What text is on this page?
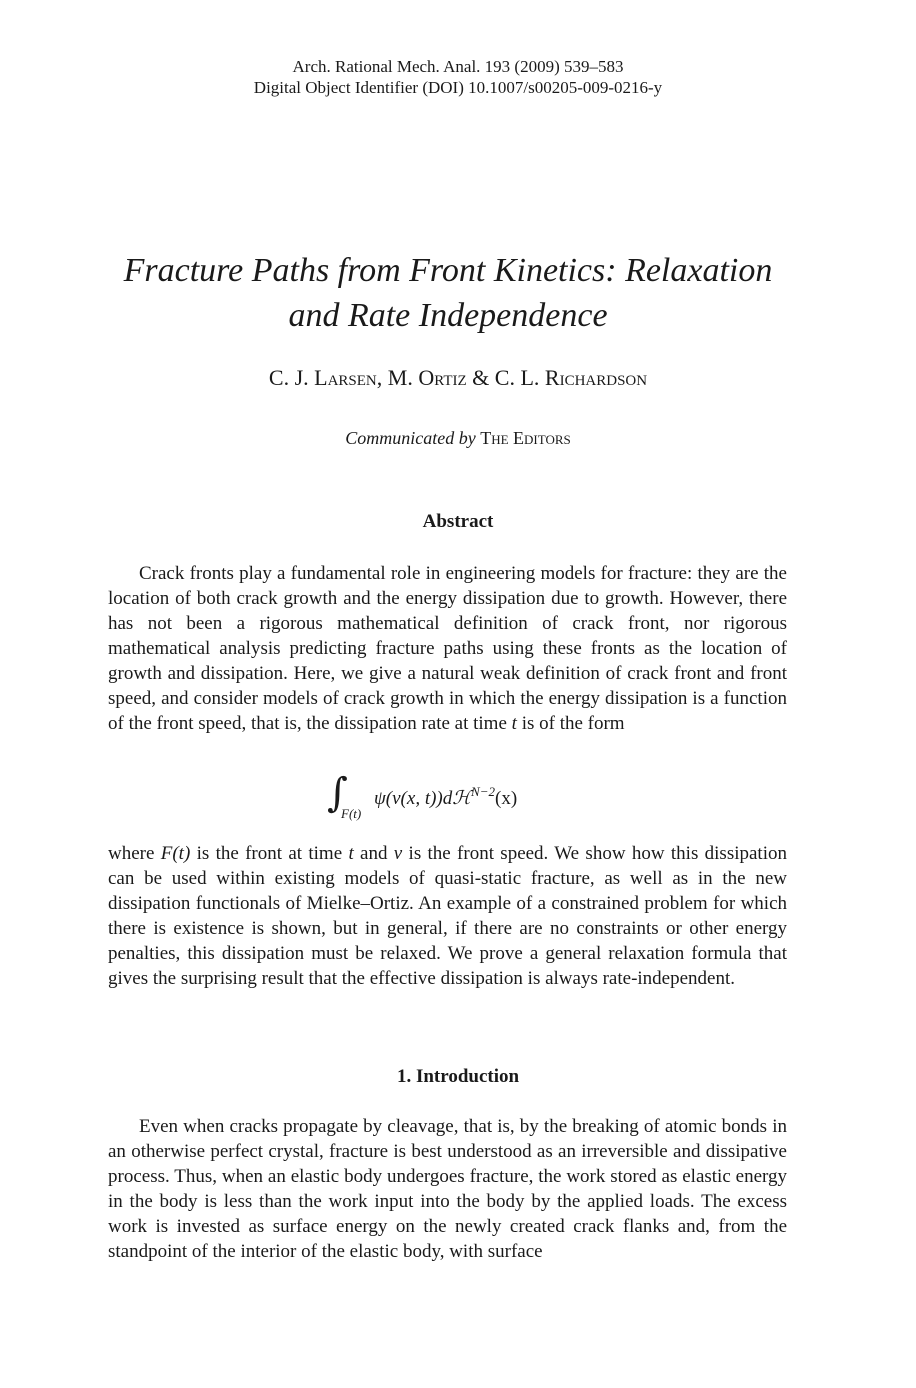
Arch. Rational Mech. Anal. 193 (2009) 539–583
Digital Object Identifier (DOI) 10.1007/s00205-009-0216-y
Fracture Paths from Front Kinetics: Relaxation
and Rate Independence
C. J. Larsen, M. Ortiz & C. L. Richardson
Communicated by The Editors
Abstract
Crack fronts play a fundamental role in engineering models for fracture: they are the location of both crack growth and the energy dissipation due to growth. However, there has not been a rigorous mathematical definition of crack front, nor rigorous mathematical analysis predicting fracture paths using these fronts as the location of growth and dissipation. Here, we give a natural weak definition of crack front and front speed, and consider models of crack growth in which the energy dissipation is a function of the front speed, that is, the dissipation rate at time t is of the form
∫
F(t)
ψ(v(x, t))dℋ$^{N-2}$(x)
where F(t) is the front at time t and v is the front speed. We show how this dissipation can be used within existing models of quasi-static fracture, as well as in the new dissipation functionals of Mielke–Ortiz. An example of a constrained problem for which there is existence is shown, but in general, if there are no constraints or other energy penalties, this dissipation must be relaxed. We prove a general relaxation formula that gives the surprising result that the effective dissipation is always rate-independent.
1. Introduction
Even when cracks propagate by cleavage, that is, by the breaking of atomic bonds in an otherwise perfect crystal, fracture is best understood as an irreversible and dissipative process. Thus, when an elastic body undergoes fracture, the work stored as elastic energy in the body is less than the work input into the body by the applied loads. The excess work is invested as surface energy on the newly created crack flanks and, from the standpoint of the interior of the elastic body, with surface
